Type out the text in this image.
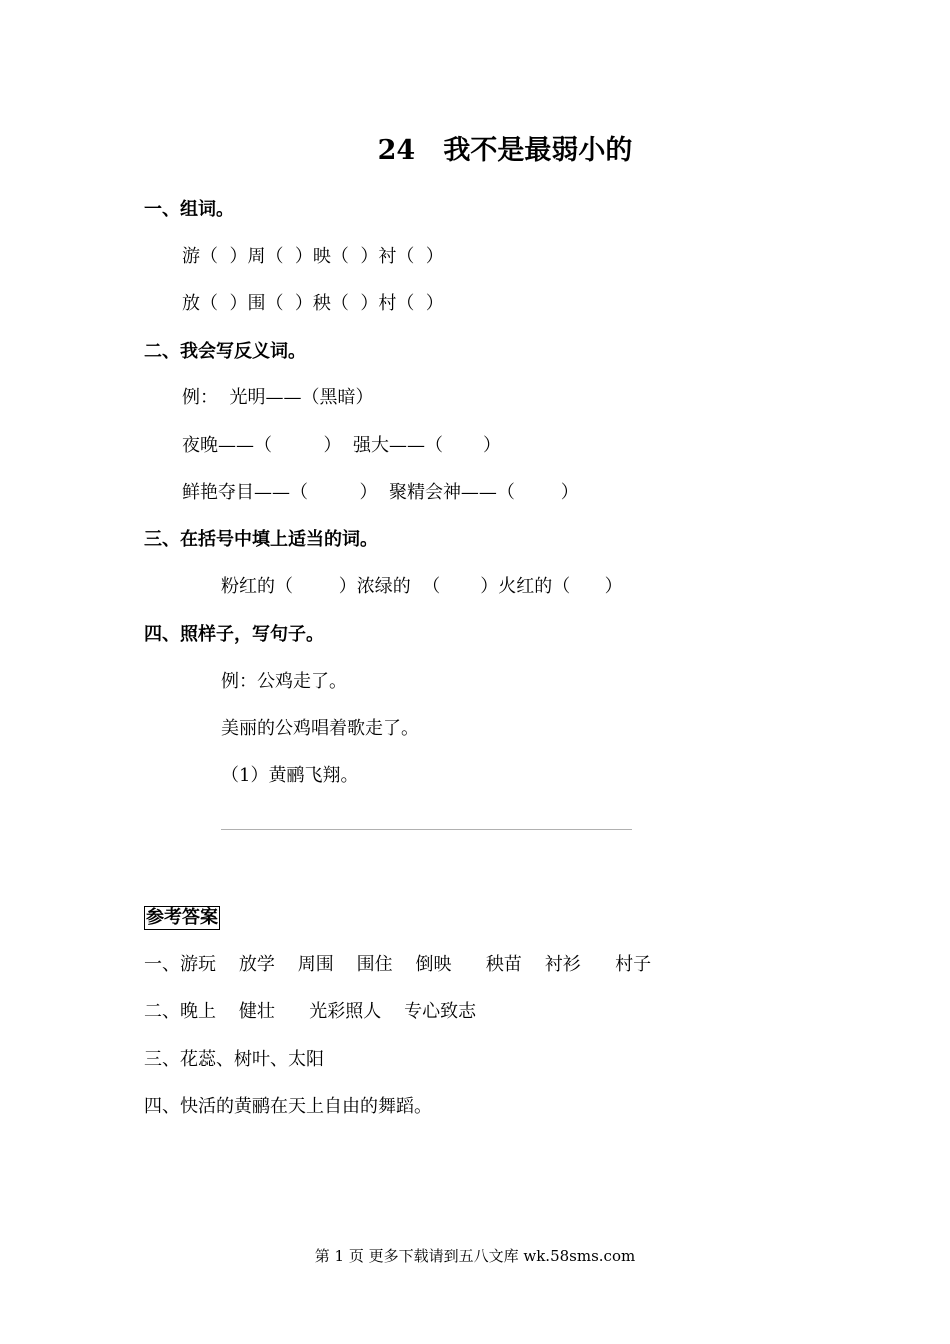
24   我不是最弱小的
一、组词。
游（  ）周（  ）映（  ）衬（  ）
放（  ）围（  ）秧（  ）村（  ）
二、我会写反义词。
例：  光明——（黑暗）
夜晚——（         ）  强大——（       ）
鲜艳夺目——（         ）  聚精会神——（        ）
三、在括号中填上适当的词。
粉红的（        ）浓绿的  （       ）火红的（      ）
四、照样子，写句子。
例：公鸡走了。
美丽的公鸡唱着歌走了。
（1）黄鹂飞翔。
参考答案
一、游玩    放学    周围    围住    倒映      秧苗    衬衫      村子
二、晚上    健壮      光彩照人    专心致志
三、花蕊、树叶、太阳
四、快活的黄鹂在天上自由的舞蹈。
第 1 页 更多下载请到五八文库 wk.58sms.com
